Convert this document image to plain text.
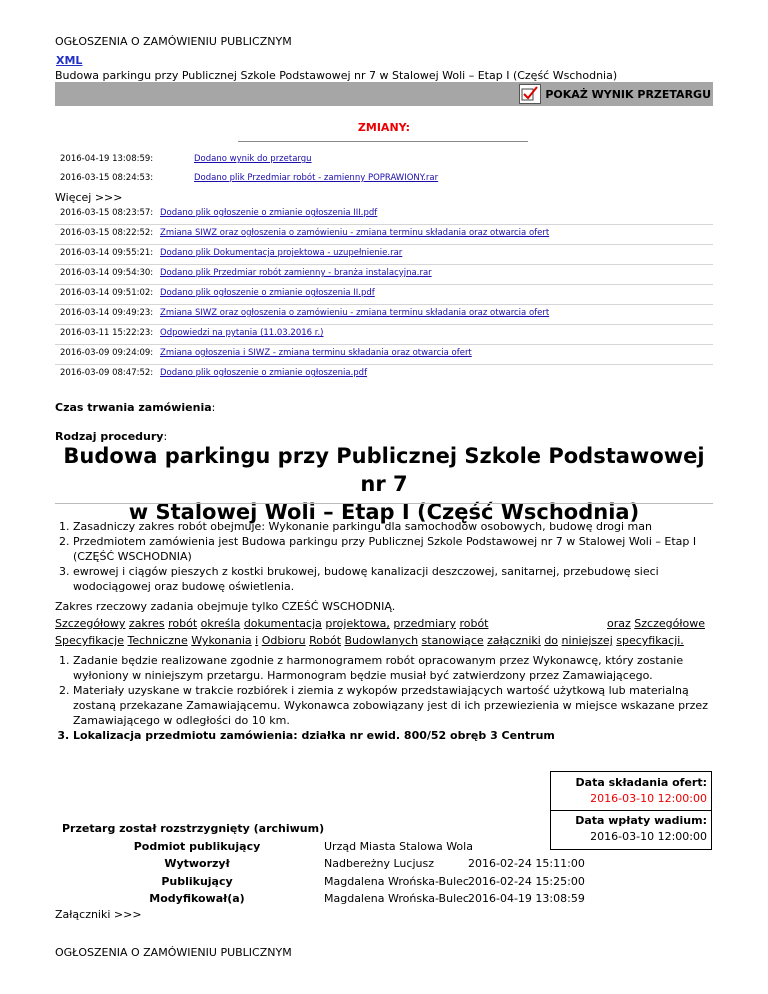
OGŁOSZENIA O ZAMÓWIENIU PUBLICZNYM
XML
Budowa parkingu przy Publicznej Szkole Podstawowej nr 7 w Stalowej Woli – Etap I (Część Wschodnia)
POKAŻ WYNIK PRZETARGU
ZMIANY:
2016-04-19 13:08:59:	Dodano wynik do przetargu
2016-03-15 08:24:53:	Dodano plik Przedmiar robót - zamienny POPRAWIONY.rar
Więcej >>>
2016-03-15 08:23:57: Dodano plik ogłoszenie o zmianie ogłoszenia III.pdf
2016-03-15 08:22:52: Zmiana SIWZ oraz ogłoszenia o zamówieniu - zmiana terminu składania oraz otwarcia ofert
2016-03-14 09:55:21: Dodano plik Dokumentacja projektowa - uzupełnienie.rar
2016-03-14 09:54:30: Dodano plik Przedmiar robót zamienny - branża instalacyjna.rar
2016-03-14 09:51:02: Dodano plik ogłoszenie o zmianie ogłoszenia II.pdf
2016-03-14 09:49:23: Zmiana SIWZ oraz ogłoszenia o zamówieniu - zmiana terminu składania oraz otwarcia ofert
2016-03-11 15:22:23: Odpowiedzi na pytania (11.03.2016 r.)
2016-03-09 09:24:09: Zmiana ogłoszenia i SIWZ - zmiana terminu składania oraz otwarcia ofert
2016-03-09 08:47:52: Dodano plik ogłoszenie o zmianie ogłoszenia.pdf
Czas trwania zamówienia:
Rodzaj procedury:
Budowa parkingu przy Publicznej Szkole Podstawowej nr 7
w Stalowej Woli – Etap I (Część Wschodnia)
1. Zasadniczy zakres robót obejmuje: Wykonanie parkingu dla samochodów osobowych, budowę drogi man
2. Przedmiotem zamówienia jest Budowa parkingu przy Publicznej Szkole Podstawowej nr 7 w Stalowej Woli – Etap I (CZĘŚĆ WSCHODNIA)
3. ewrowej i ciągów pieszych z kostki brukowej, budowę kanalizacji deszczowej, sanitarnej, przebudowę sieci wodociągowej oraz budowę oświetlenia.
Zakres rzeczowy zadania obejmuje tylko CZEŚĆ WSCHODNIĄ.
Szczegółowy zakres robót określa dokumentacja projektowa, przedmiary robót	oraz Szczegółowe
Specyfikacje Techniczne Wykonania i Odbioru Robót Budowlanych stanowiące załączniki do niniejszej specyfikacji.
1. Zadanie będzie realizowane zgodnie z harmonogramem robót opracowanym przez Wykonawcę, który zostanie wyłoniony w niniejszym przetargu. Harmonogram będzie musiał być zatwierdzony przez Zamawiającego.
2. Materiały uzyskane w trakcie rozbiórek i ziemia z wykopów przedstawiających wartość użytkową lub materialną zostaną przekazane Zamawiającemu. Wykonawca zobowiązany jest di ich przewiezienia w miejsce wskazane przez Zamawiającego w odległości do 10 km.
3. Lokalizacja przedmiotu zamówienia: działka nr ewid. 800/52 obręb 3 Centrum
Data składania ofert:
2016-03-10 12:00:00
Data wpłaty wadium:
2016-03-10 12:00:00
Przetarg został rozstrzygnięty (archiwum)
Podmiot publikujący	Urząd Miasta Stalowa Wola
Wytworzył	Nadbereżny Lucjusz	2016-02-24 15:11:00
Publikujący	Magdalena Wrońska-Bulec 2016-02-24 15:25:00
Modyfikował(a)	Magdalena Wrońska-Bulec 2016-04-19 13:08:59
Załączniki >>>
OGŁOSZENIA O ZAMÓWIENIU PUBLICZNYM
